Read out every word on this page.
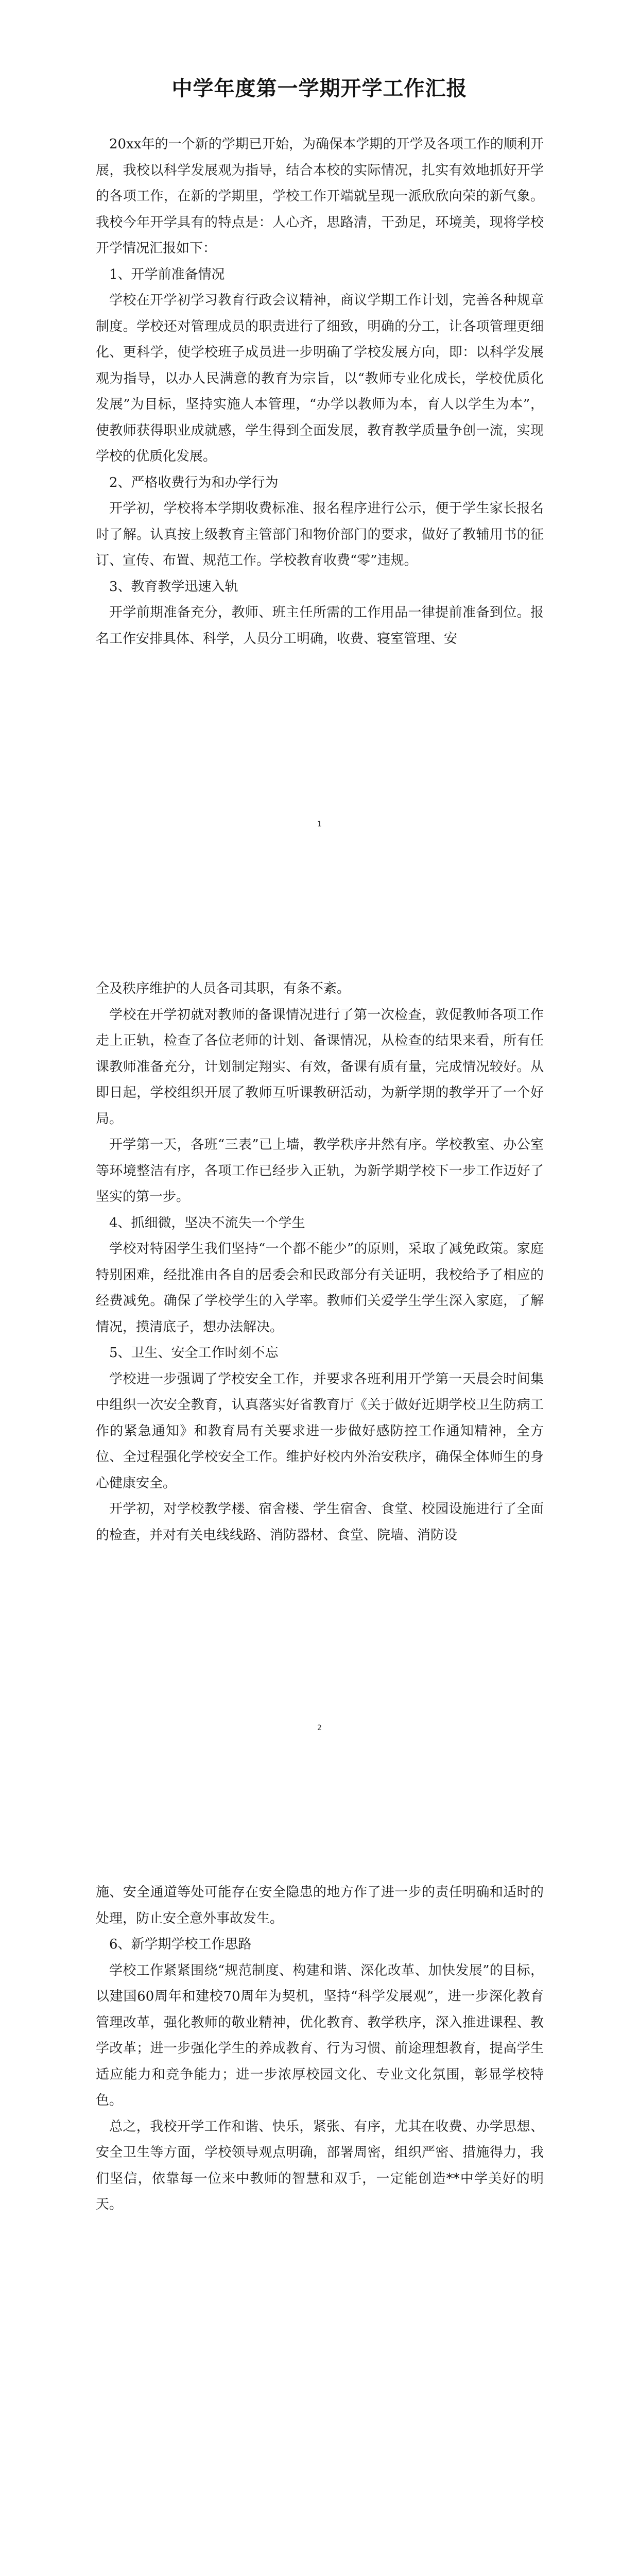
中学年度第一学期开学工作汇报

20xx年的一个新的学期已开始，为确保本学期的开学及各项工作的顺利开展，我校以科学发展观为指导，结合本校的实际情况，扎实有效地抓好开学的各项工作，在新的学期里，学校工作开端就呈现一派欣欣向荣的新气象。我校今年开学具有的特点是：人心齐，思路清，干劲足，环境美，现将学校开学情况汇报如下：

1、开学前准备情况

学校在开学初学习教育行政会议精神，商议学期工作计划，完善各种规章制度。学校还对管理成员的职责进行了细致，明确的分工，让各项管理更细化、更科学，使学校班子成员进一步明确了学校发展方向，即：以科学发展观为指导，以办人民满意的教育为宗旨，以“教师专业化成长，学校优质化发展”为目标，坚持实施人本管理，“办学以教师为本，育人以学生为本”，使教师获得职业成就感，学生得到全面发展，教育教学质量争创一流，实现学校的优质化发展。

2、严格收费行为和办学行为

开学初，学校将本学期收费标准、报名程序进行公示，便于学生家长报名时了解。认真按上级教育主管部门和物价部门的要求，做好了教辅用书的征订、宣传、布置、规范工作。学校教育收费“零”违规。

3、教育教学迅速入轨

开学前期准备充分，教师、班主任所需的工作用品一律提前准备到位。报名工作安排具体、科学，人员分工明确，收费、寝室管理、安

1

全及秩序维护的人员各司其职，有条不紊。

学校在开学初就对教师的备课情况进行了第一次检查，敦促教师各项工作走上正轨，检查了各位老师的计划、备课情况，从检查的结果来看，所有任课教师准备充分，计划制定翔实、有效，备课有质有量，完成情况较好。从即日起，学校组织开展了教师互听课教研活动，为新学期的教学开了一个好局。

开学第一天，各班“三表”已上墙，教学秩序井然有序。学校教室、办公室等环境整洁有序，各项工作已经步入正轨，为新学期学校下一步工作迈好了坚实的第一步。

4、抓细微，坚决不流失一个学生

学校对特困学生我们坚持“一个都不能少”的原则，采取了减免政策。家庭特别困难，经批准由各自的居委会和民政部分有关证明，我校给予了相应的经费减免。确保了学校学生的入学率。教师们关爱学生学生深入家庭，了解情况，摸清底子，想办法解决。

5、卫生、安全工作时刻不忘

学校进一步强调了学校安全工作，并要求各班利用开学第一天晨会时间集中组织一次安全教育，认真落实好省教育厅《关于做好近期学校卫生防病工作的紧急通知》和教育局有关要求进一步做好感防控工作通知精神，全方位、全过程强化学校安全工作。维护好校内外治安秩序，确保全体师生的身心健康安全。

开学初，对学校教学楼、宿舍楼、学生宿舍、食堂、校园设施进行了全面的检查，并对有关电线线路、消防器材、食堂、院墙、消防设

2

施、安全通道等处可能存在安全隐患的地方作了进一步的责任明确和适时的处理，防止安全意外事故发生。

6、新学期学校工作思路

学校工作紧紧围绕“规范制度、构建和谐、深化改革、加快发展”的目标，以建国60周年和建校70周年为契机，坚持“科学发展观”，进一步深化教育管理改革，强化教师的敬业精神，优化教育、教学秩序，深入推进课程、教学改革；进一步强化学生的养成教育、行为习惯、前途理想教育，提高学生适应能力和竞争能力；进一步浓厚校园文化、专业文化氛围，彰显学校特色。

总之，我校开学工作和谐、快乐，紧张、有序，尤其在收费、办学思想、安全卫生等方面，学校领导观点明确，部署周密，组织严密、措施得力，我们坚信，依靠每一位来中教师的智慧和双手，一定能创造**中学美好的明天。
